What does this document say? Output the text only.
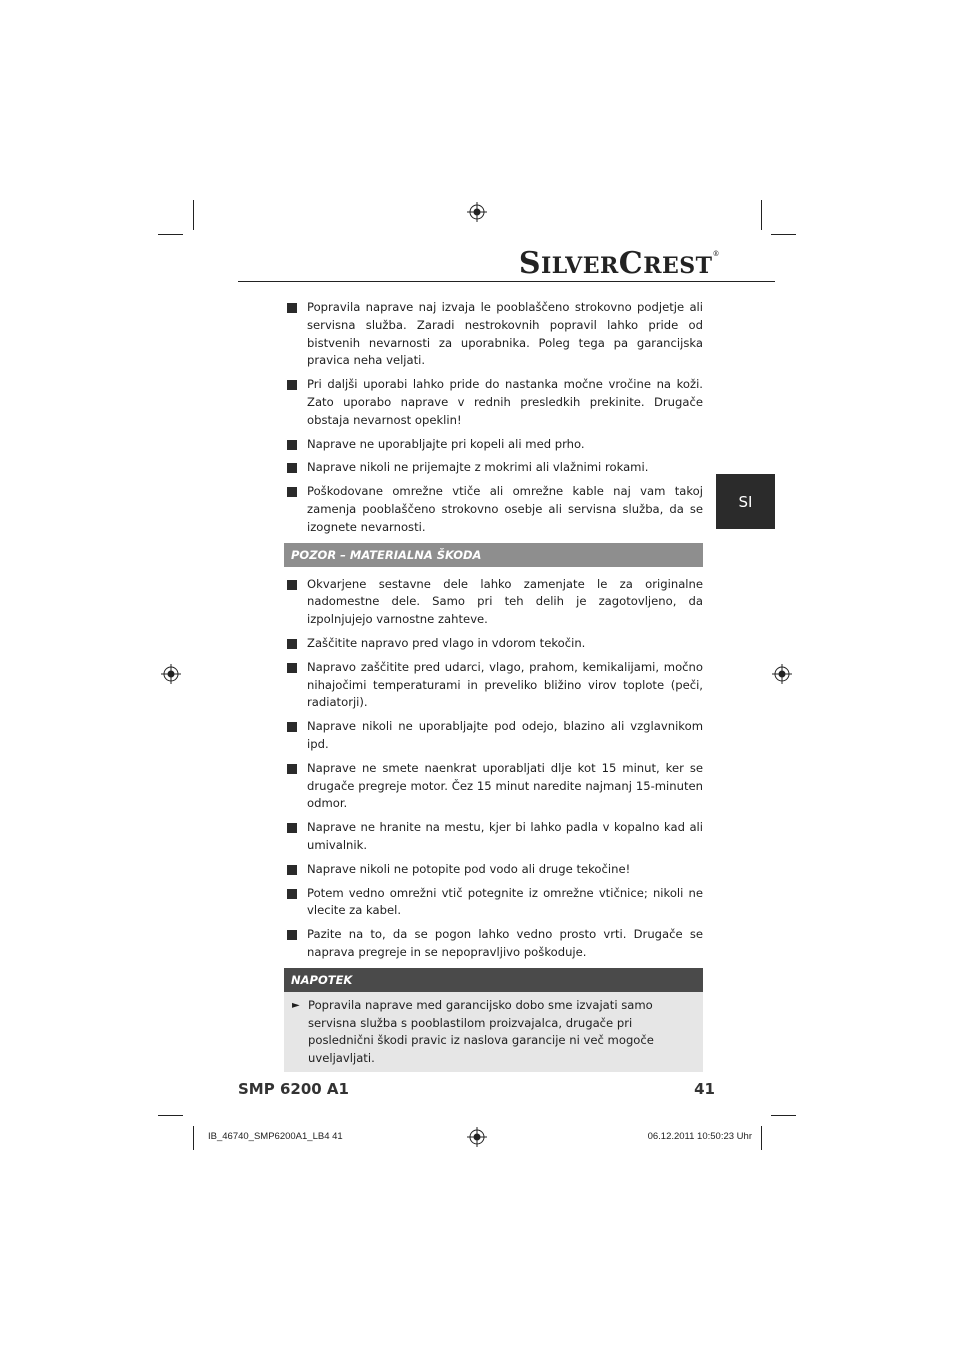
SILVERCREST®
SI
Popravila naprave naj izvaja le pooblaščeno strokovno podjetje ali servisna služba. Zaradi nestrokovnih popravil lahko pride od bistvenih nevarnosti za uporabnika. Poleg tega pa garancijska pravica neha veljati.
Pri daljši uporabi lahko pride do nastanka močne vročine na koži. Zato uporabo naprave v rednih presledkih prekinite. Drugače obstaja nevarnost opeklin!
Naprave ne uporabljajte pri kopeli ali med prho.
Naprave nikoli ne prijemajte z mokrimi ali vlažnimi rokami.
Poškodovane omrežne vtiče ali omrežne kable naj vam takoj zamenja pooblaščeno strokovno osebje ali servisna služba, da se izognete nevarnosti.
POZOR – MATERIALNA ŠKODA
Okvarjene sestavne dele lahko zamenjate le za originalne nadomestne dele. Samo pri teh delih je zagotovljeno, da izpolnjujejo varnostne zahteve.
Zaščitite napravo pred vlago in vdorom tekočin.
Napravo zaščitite pred udarci, vlago, prahom, kemikalijami, močno nihajočimi temperaturami in preveliko bližino virov toplote (peči, radiatorji).
Naprave nikoli ne uporabljajte pod odejo, blazino ali vzglavnikom ipd.
Naprave ne smete naenkrat uporabljati dlje kot 15 minut, ker se drugače pregreje motor. Čez 15 minut naredite najmanj 15-minuten odmor.
Naprave ne hranite na mestu, kjer bi lahko padla v kopalno kad ali umivalnik.
Naprave nikoli ne potopite pod vodo ali druge tekočine!
Potem vedno omrežni vtič potegnite iz omrežne vtičnice; nikoli ne vlecite za kabel.
Pazite na to, da se pogon lahko vedno prosto vrti. Drugače se naprava pregreje in se nepopravljivo poškoduje.
NAPOTEK
► Popravila naprave med garancijsko dobo sme izvajati samo servisna služba s pooblastilom proizvajalca, drugače pri poslednični škodi pravic iz naslova garancije ni več mogoče uveljavljati.
SMP 6200 A1	41
IB_46740_SMP6200A1_LB4 41	06.12.2011 10:50:23 Uhr
